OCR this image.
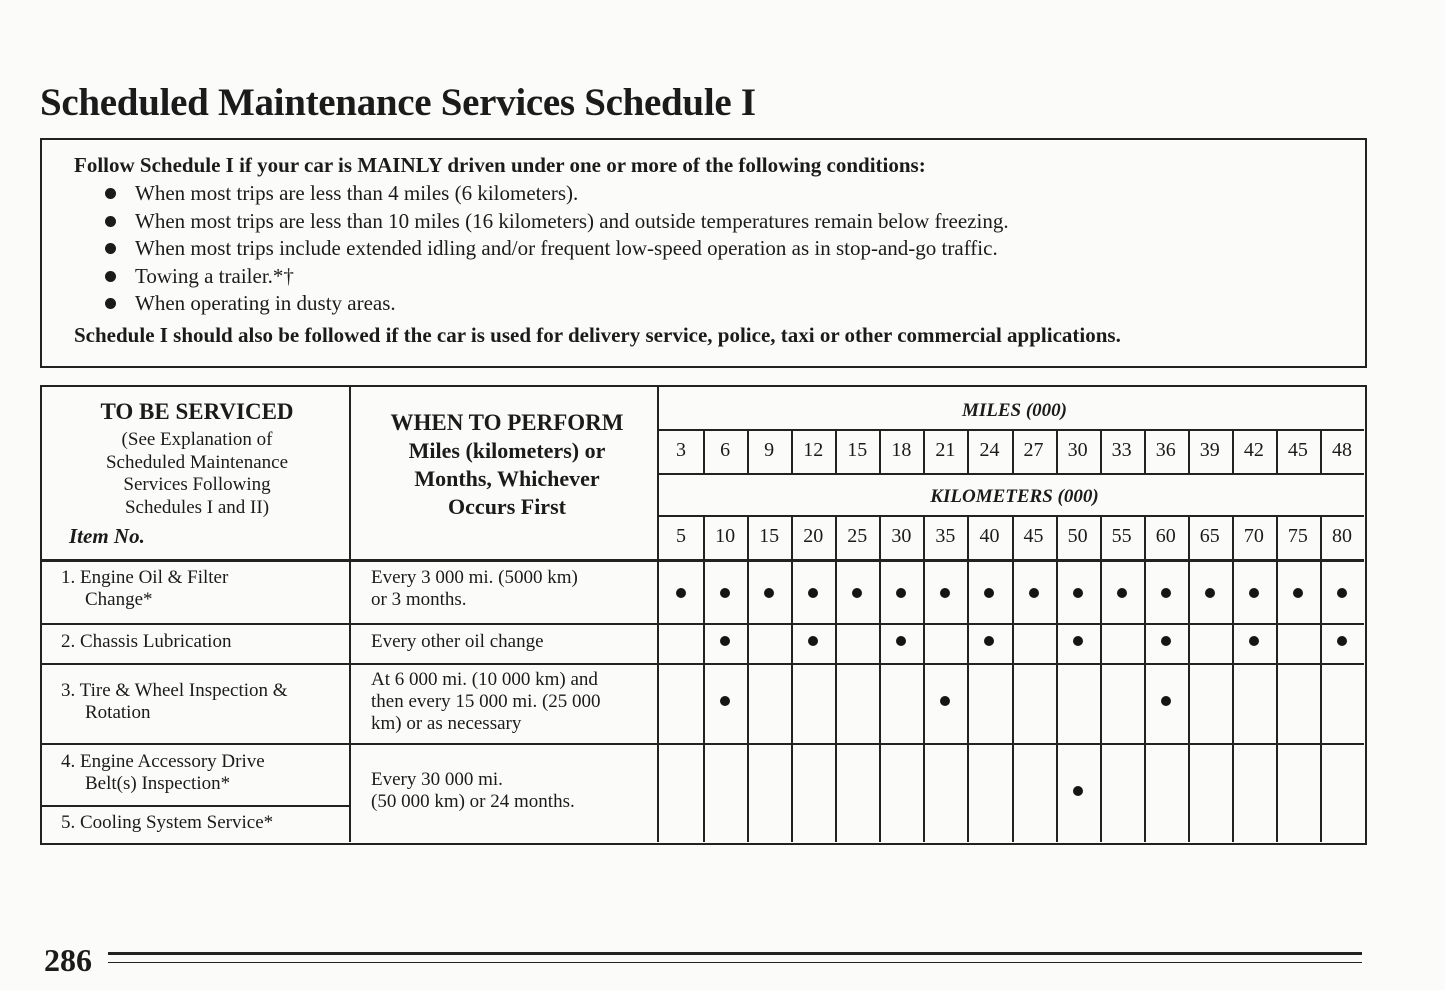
Scheduled Maintenance Services Schedule I
Follow Schedule I if your car is MAINLY driven under one or more of the following conditions:
When most trips are less than 4 miles (6 kilometers).
When most trips are less than 10 miles (16 kilometers) and outside temperatures remain below freezing.
When most trips include extended idling and/or frequent low-speed operation as in stop-and-go traffic.
Towing a trailer.*†
When operating in dusty areas.
Schedule I should also be followed if the car is used for delivery service, police, taxi or other commercial applications.
TO BE SERVICED
(See Explanation of
Scheduled Maintenance
Services Following
Schedules I and II)
Item No.
WHEN TO PERFORM
Miles (kilometers) or
Months, Whichever
Occurs First
MILES (000)
KILOMETERS (000)
1. Engine Oil & Filter
Change*
Every 3 000 mi. (5000 km)
or 3 months.
2. Chassis Lubrication	Every other oil change
3. Tire & Wheel Inspection &
Rotation
At 6 000 mi. (10 000 km) and
then every 15 000 mi. (25 000
km) or as necessary
4. Engine Accessory Drive
Belt(s) Inspection*
5. Cooling System Service*
Every 30 000 mi.
(50 000 km) or 24 months.
3
5
6
10
9
15
12
20
15
25
18
30
21
35
24
40
27
45
30
50
33
55
36
60
39
65
42
70
45
75
48
80
286
